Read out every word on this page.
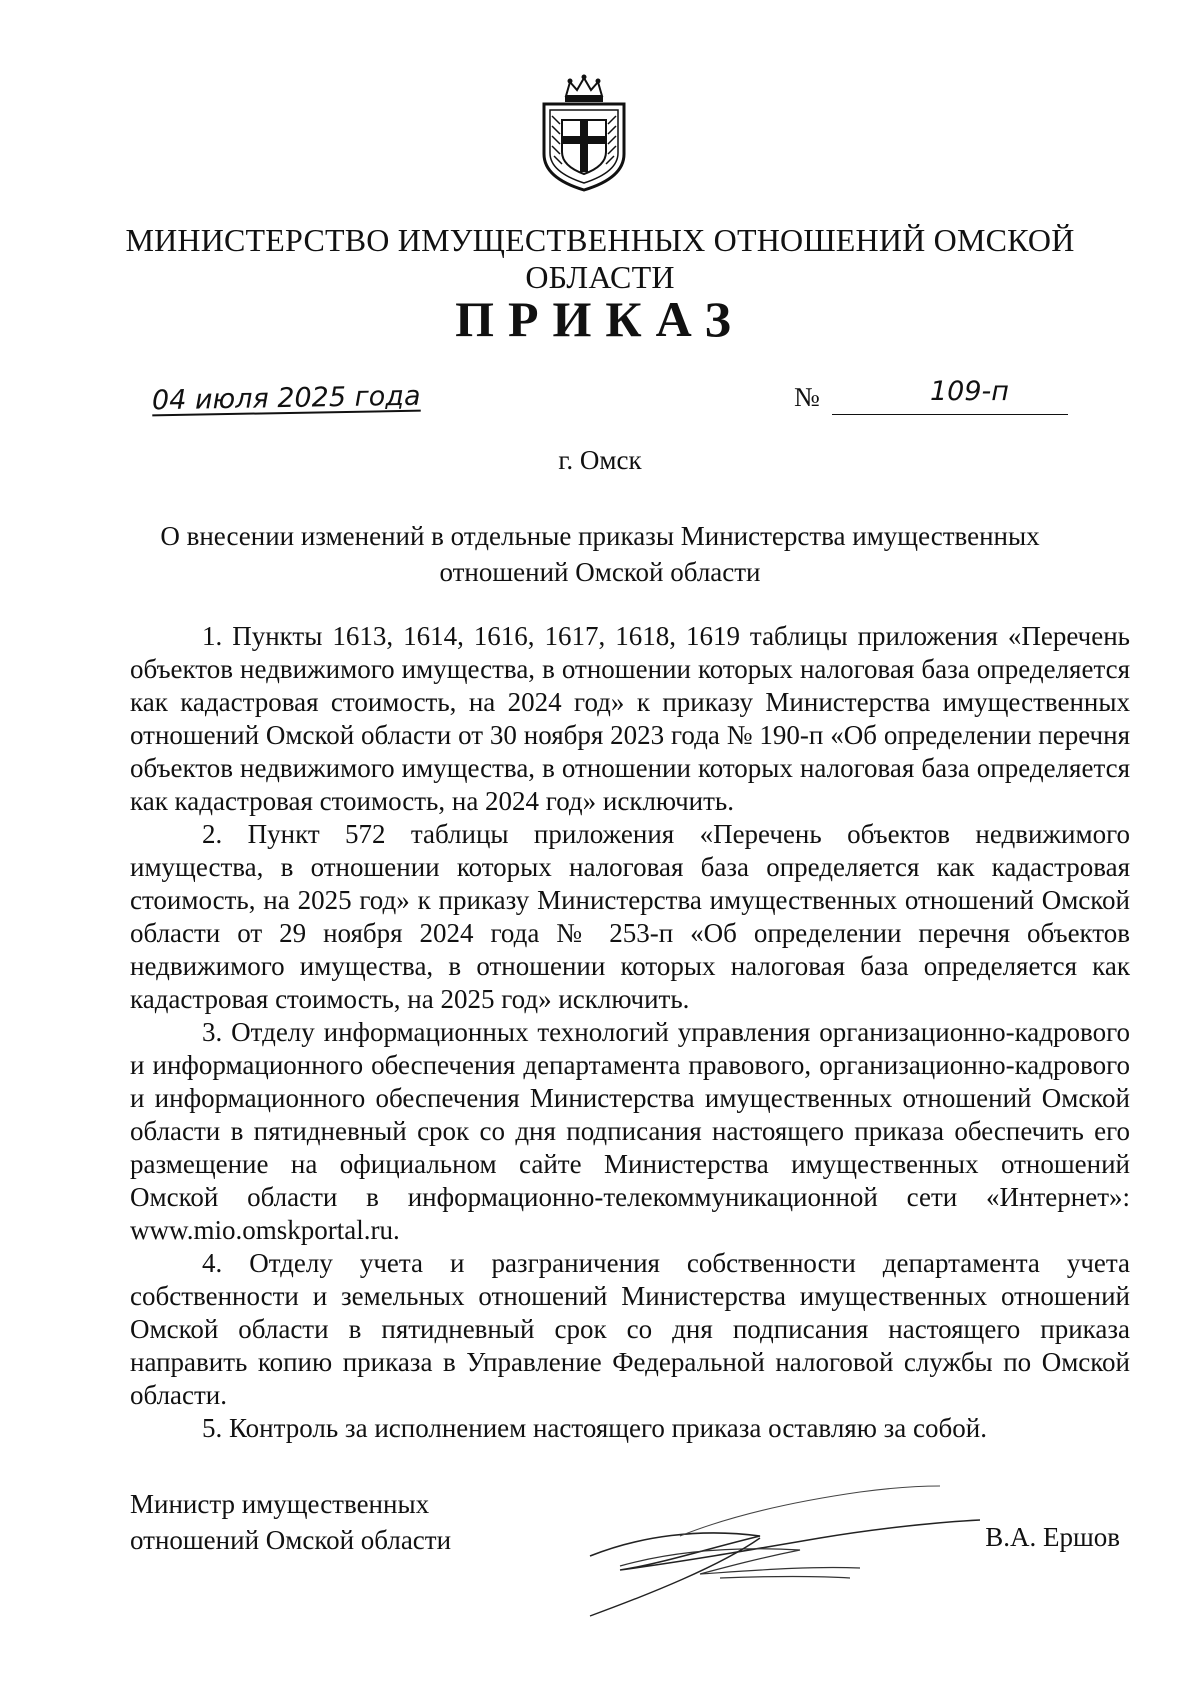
МИНИСТЕРСТВО ИМУЩЕСТВЕННЫХ ОТНОШЕНИЙ ОМСКОЙ ОБЛАСТИ
ПРИКАЗ
04 июля 2025 года	№	109-п
г. Омск
О внесении изменений в отдельные приказы Министерства имущественных
отношений Омской области

1. Пункты 1613, 1614, 1616, 1617, 1618, 1619 таблицы приложения «Перечень объектов недвижимого имущества, в отношении которых налоговая база определяется как кадастровая стоимость, на 2024 год» к приказу Министерства имущественных отношений Омской области от 30 ноября 2023 года № 190-п «Об определении перечня объектов недвижимого имущества, в отношении которых налоговая база определяется как кадастровая стоимость, на 2024 год» исключить.

2. Пункт 572 таблицы приложения «Перечень объектов недвижимого имущества, в отношении которых налоговая база определяется как кадастровая стоимость, на 2025 год» к приказу Министерства имущественных отношений Омской области от 29 ноября 2024 года № 253-п «Об определении перечня объектов недвижимого имущества, в отношении которых налоговая база определяется как кадастровая стоимость, на 2025 год» исключить.

3. Отделу информационных технологий управления организационно-кадрового и информационного обеспечения департамента правового, организационно-кадрового и информационного обеспечения Министерства имущественных отношений Омской области в пятидневный срок со дня подписания настоящего приказа обеспечить его размещение на официальном сайте Министерства имущественных отношений Омской области в информационно-телекоммуникационной сети «Интернет»: www.mio.omskportal.ru.

4. Отделу учета и разграничения собственности департамента учета собственности и земельных отношений Министерства имущественных отношений Омской области в пятидневный срок со дня подписания настоящего приказа направить копию приказа в Управление Федеральной налоговой службы по Омской области.

5. Контроль за исполнением настоящего приказа оставляю за собой.

Министр имущественных
отношений Омской области	В.А. Ершов
